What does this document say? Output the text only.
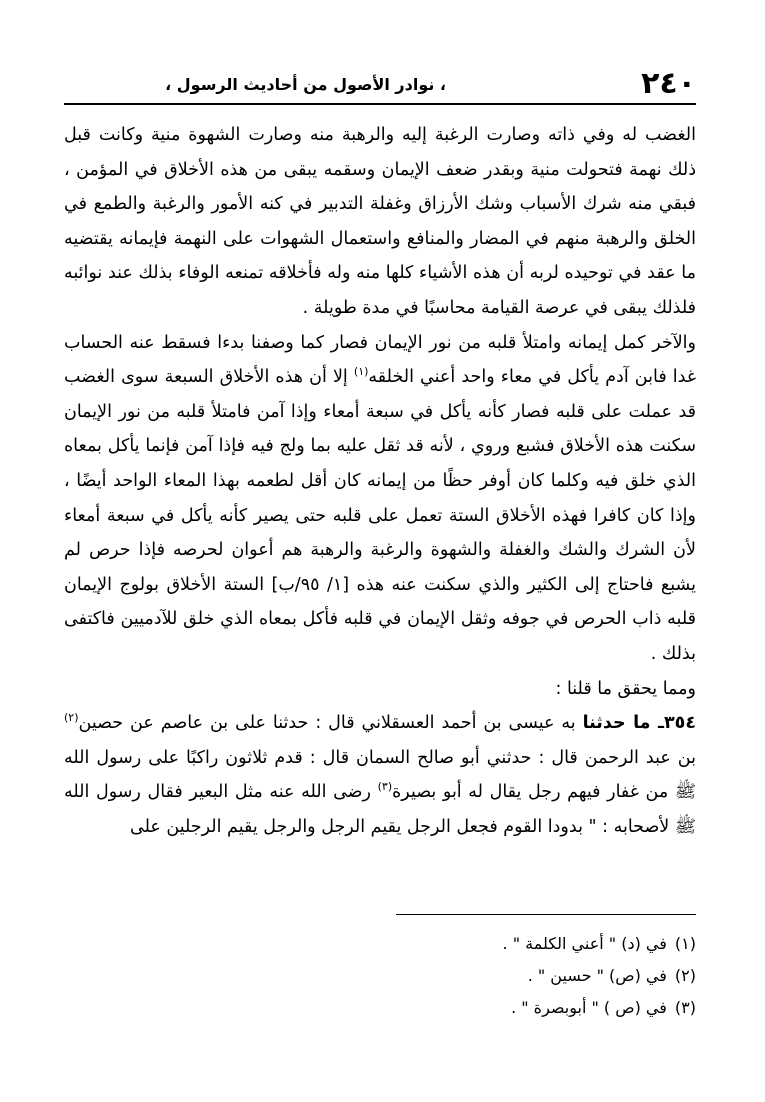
٢٤٠
، نوادر الأصول من أحاديث الرسول ،

الغضب له وفي ذاته وصارت الرغبة إليه والرهبة منه وصارت الشهوة منية وكانت قبل ذلك نهمة فتحولت منية وبقدر ضعف الإيمان وسقمه يبقى من هذه الأخلاق في المؤمن ، فبقي منه شرك الأسباب وشك الأرزاق وغفلة التدبير في كنه الأمور والرغبة والطمع في الخلق والرهبة منهم في المضار والمنافع واستعمال الشهوات على النهمة فإيمانه يقتضيه ما عقد في توحيده لربه أن هذه الأشياء كلها منه وله فأخلاقه تمنعه الوفاء بذلك عند نوائبه فلذلك يبقى في عرصة القيامة محاسبًا في مدة طويلة .

والآخر كمل إيمانه وامتلأ قلبه من نور الإيمان فصار كما وصفنا بدءا فسقط عنه الحساب غدا فابن آدم يأكل في معاء واحد أعني الخلقه$^{(١)}$ إلا أن هذه الأخلاق السبعة سوى الغضب قد عملت على قلبه فصار كأنه يأكل في سبعة أمعاء وإذا آمن فامتلأ قلبه من نور الإيمان سكنت هذه الأخلاق فشبع وروي ، لأنه قد ثقل عليه بما ولج فيه فإذا آمن فإنما يأكل بمعاه الذي خلق فيه وكلما كان أوفر حظًا من إيمانه كان أقل لطعمه بهذا المعاء الواحد أيضًا ، وإذا كان كافرا فهذه الأخلاق الستة تعمل على قلبه حتى يصير كأنه يأكل في سبعة أمعاء لأن الشرك والشك والغفلة والشهوة والرغبة والرهبة هم أعوان لحرصه فإذا حرص لم يشبع فاحتاج إلى الكثير والذي سكنت عنه هذه [١/ ٩٥/ب] الستة الأخلاق بولوج الإيمان قلبه ذاب الحرص في جوفه وثقل الإيمان في قلبه فأكل بمعاه الذي خلق للآدميين فاكتفى بذلك .

ومما يحقق ما قلنا :

٣٥٤ـ ما حدثنا به عيسى بن أحمد العسقلاني قال : حدثنا على بن عاصم عن حصين$^{(٢)}$ بن عبد الرحمن قال : حدثني أبو صالح السمان قال : قدم ثلاثون راكبًا على رسول الله ﷺ من غفار فيهم رجل يقال له أبو بصيرة$^{(٣)}$ رضى الله عنه مثل البعير فقال رسول الله ﷺ لأصحابه : " بدودا القوم فجعل الرجل يقيم الرجل والرجل يقيم الرجلين على

(١)
في (د) " أعني الكلمة " .
(٢)
في (ص) " حسين " .
(٣)
في (ص ) " أبوبصرة " .
